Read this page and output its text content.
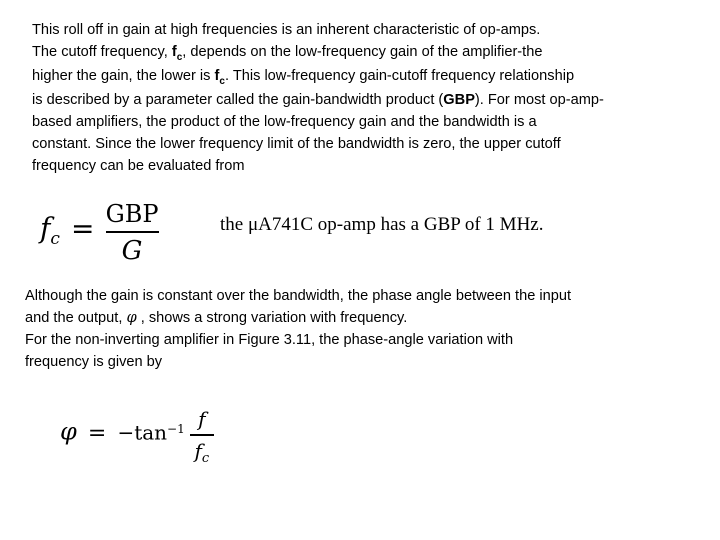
This roll off in gain at high frequencies is an inherent characteristic of op-amps.
The cutoff frequency, $f_c$, depends on the low-frequency gain of the amplifier-the
higher the gain, the lower is $f_c$. This low-frequency gain-cutoff frequency relationship
is described by a parameter called the gain-bandwidth product (GBP). For most op-amp-
based amplifiers, the product of the low-frequency gain and the bandwidth is a
constant. Since the lower frequency limit of the bandwidth is zero, the upper cutoff
frequency can be evaluated from
fc = $\frac{\text{GBP}}{G}$	the μA741C op-amp has a GBP of 1 MHz.
Although the gain is constant over the bandwidth, the phase angle between the input
and the output, φ , shows a strong variation with frequency.
For the non-inverting amplifier in Figure 3.11, the phase-angle variation with
frequency is given by
$\varphi = -\tan^{-1} \frac{f}{f_c}$
